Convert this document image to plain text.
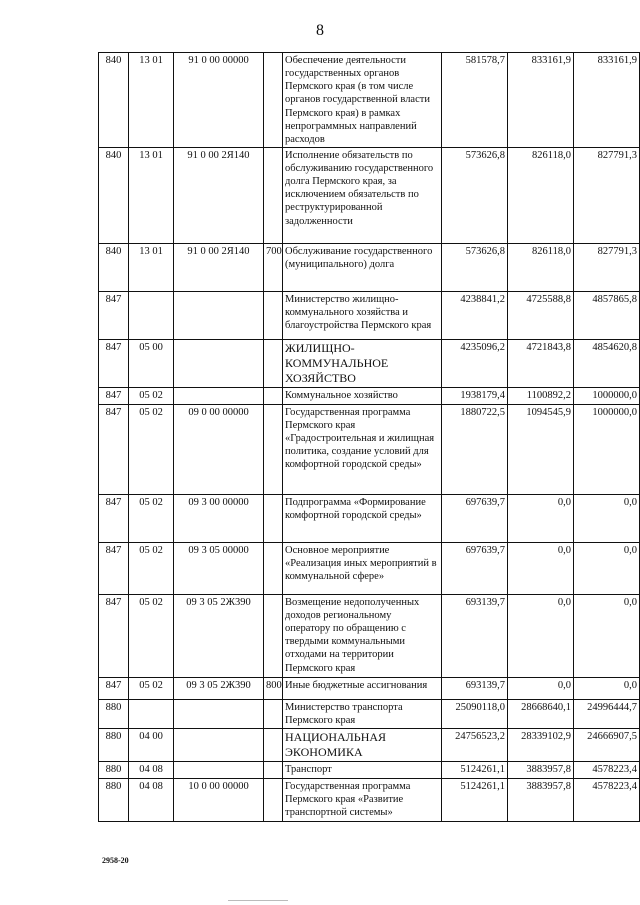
8
840	13 01	91 0 00 00000		Обеспечение деятельности государственных органов Пермского края (в том числе органов государственной власти Пермского края) в рамках непрограммных направлений расходов	581578,7	833161,9	833161,9
840	13 01	91 0 00 2Я140		Исполнение обязательств по обслуживанию государственного долга Пермского края, за исключением обязательств по реструктурированной задолженности	573626,8	826118,0	827791,3
840	13 01	91 0 00 2Я140	700	Обслуживание государственного (муниципального) долга	573626,8	826118,0	827791,3
847				Министерство жилищно-коммунального хозяйства и благоустройства Пермского края	4238841,2	4725588,8	4857865,8
847	05 00			ЖИЛИЩНО-КОММУНАЛЬНОЕ ХОЗЯЙСТВО	4235096,2	4721843,8	4854620,8
847	05 02			Коммунальное хозяйство	1938179,4	1100892,2	1000000,0
847	05 02	09 0 00 00000		Государственная программа Пермского края «Градостроительная и жилищная политика, создание условий для комфортной городской среды»	1880722,5	1094545,9	1000000,0
847	05 02	09 3 00 00000		Подпрограмма «Формирование комфортной городской среды»	697639,7	0,0	0,0
847	05 02	09 3 05 00000		Основное мероприятие «Реализация иных мероприятий в коммунальной сфере»	697639,7	0,0	0,0
847	05 02	09 3 05 2Ж390		Возмещение недополученных доходов региональному оператору по обращению с твердыми коммунальными отходами на территории Пермского края	693139,7	0,0	0,0
847	05 02	09 3 05 2Ж390	800	Иные бюджетные ассигнования	693139,7	0,0	0,0
880				Министерство транспорта Пермского края	25090118,0	28668640,1	24996444,7
880	04 00			НАЦИОНАЛЬНАЯ ЭКОНОМИКА	24756523,2	28339102,9	24666907,5
880	04 08			Транспорт	5124261,1	3883957,8	4578223,4
880	04 08	10 0 00 00000		Государственная программа Пермского края «Развитие транспортной системы»	5124261,1	3883957,8	4578223,4
2958-20
